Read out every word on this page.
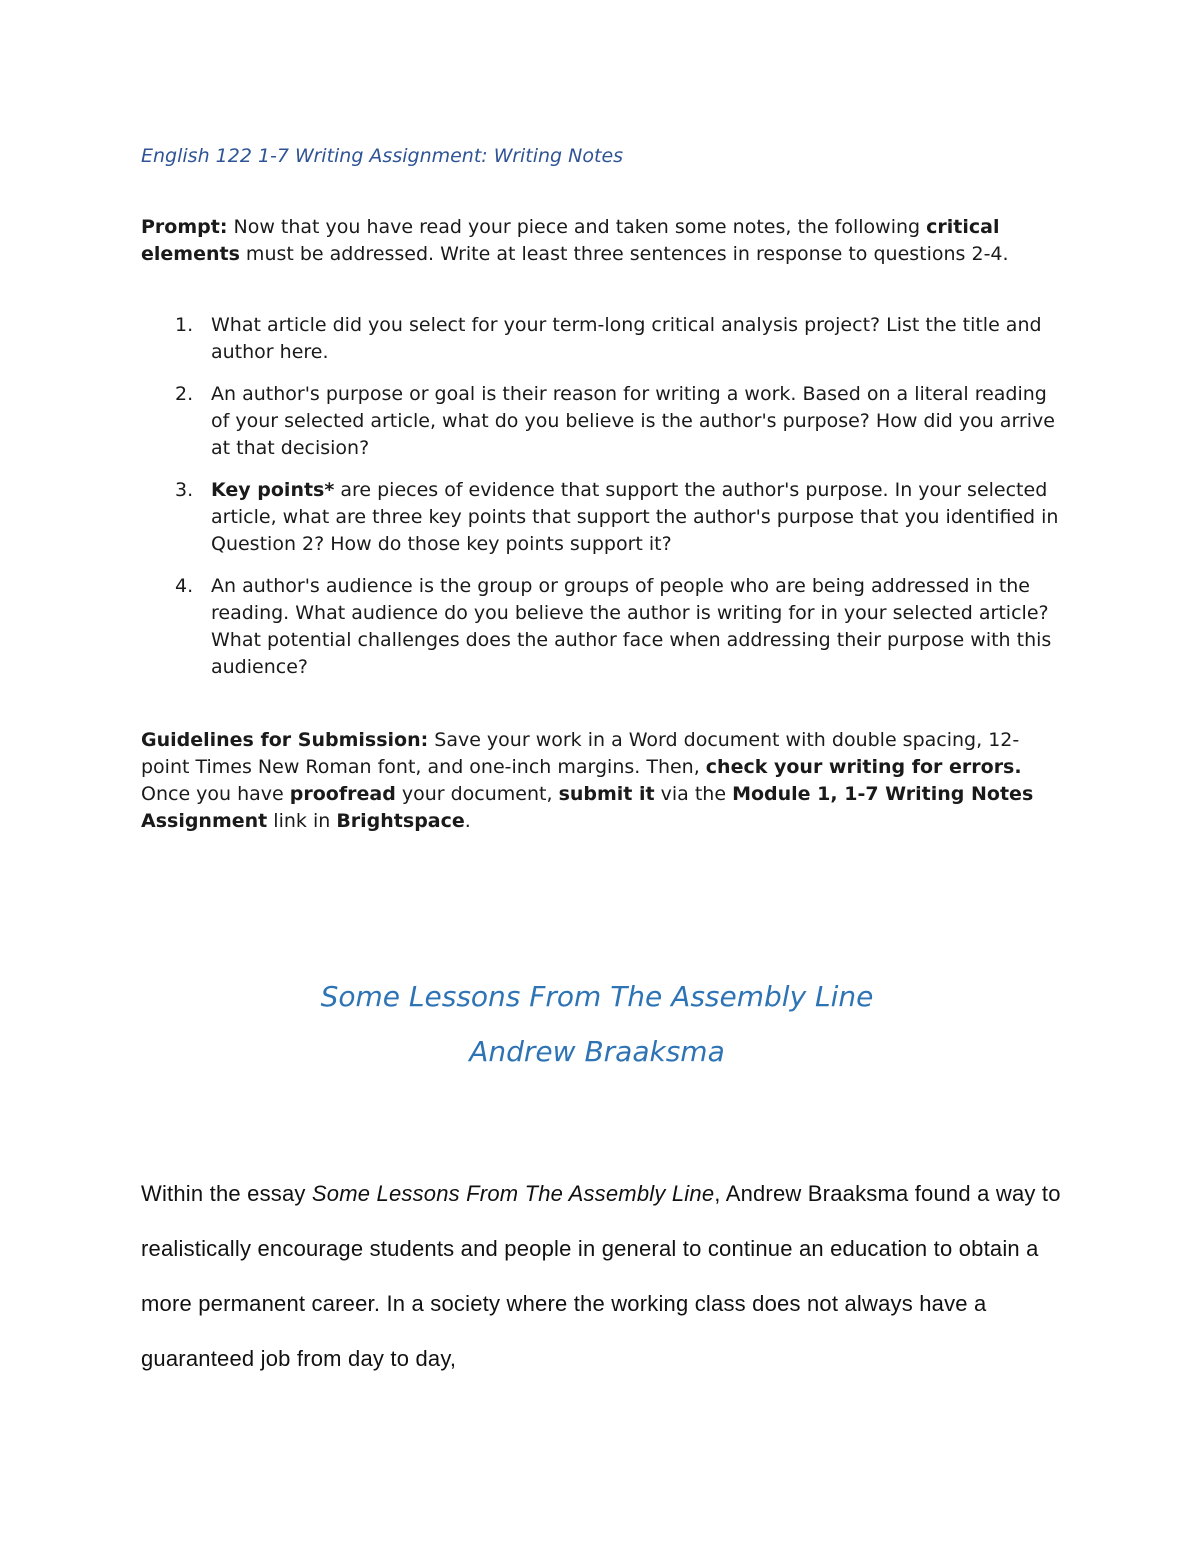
English 122 1-7 Writing Assignment: Writing Notes

Prompt: Now that you have read your piece and taken some notes, the following critical elements must be addressed. Write at least three sentences in response to questions 2-4.

1. What article did you select for your term-long critical analysis project? List the title and author here.
2. An author's purpose or goal is their reason for writing a work. Based on a literal reading of your selected article, what do you believe is the author's purpose? How did you arrive at that decision?
3. Key points* are pieces of evidence that support the author's purpose. In your selected article, what are three key points that support the author's purpose that you identified in Question 2? How do those key points support it?
4. An author's audience is the group or groups of people who are being addressed in the reading. What audience do you believe the author is writing for in your selected article? What potential challenges does the author face when addressing their purpose with this audience?

Guidelines for Submission: Save your work in a Word document with double spacing, 12-point Times New Roman font, and one-inch margins. Then, check your writing for errors. Once you have proofread your document, submit it via the Module 1, 1-7 Writing Notes Assignment link in Brightspace.

Some Lessons From The Assembly Line
Andrew Braaksma

Within the essay Some Lessons From The Assembly Line, Andrew Braaksma found a way to realistically encourage students and people in general to continue an education to obtain a more permanent career. In a society where the working class does not always have a guaranteed job from day to day,
